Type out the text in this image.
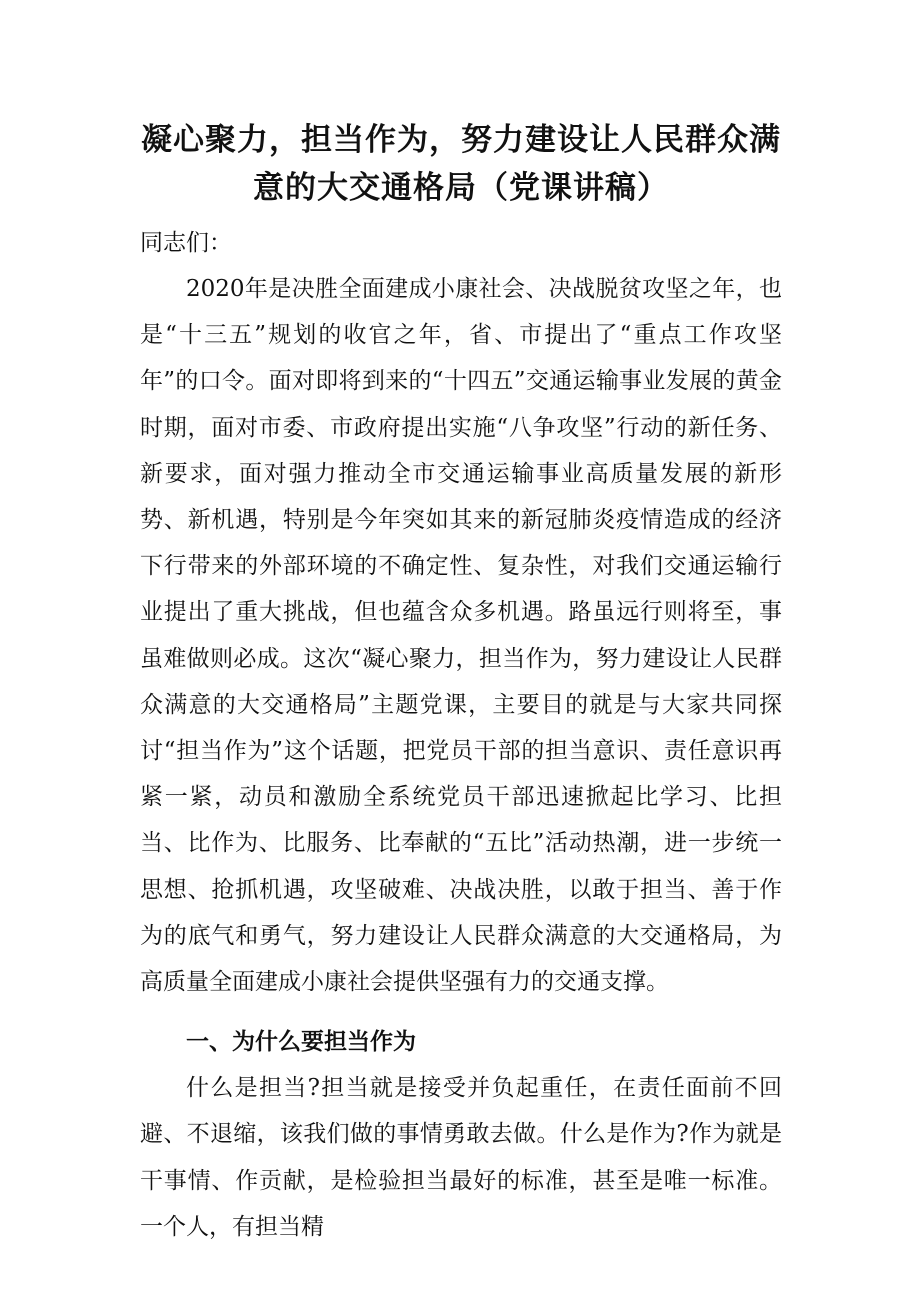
凝心聚力，担当作为，努力建设让人民群众满意的大交通格局（党课讲稿）

同志们：

2020年是决胜全面建成小康社会、决战脱贫攻坚之年，也是“十三五”规划的收官之年，省、市提出了“重点工作攻坚年”的口令。面对即将到来的“十四五”交通运输事业发展的黄金时期，面对市委、市政府提出实施“八争攻坚”行动的新任务、新要求，面对强力推动全市交通运输事业高质量发展的新形势、新机遇，特别是今年突如其来的新冠肺炎疫情造成的经济下行带来的外部环境的不确定性、复杂性，对我们交通运输行业提出了重大挑战，但也蕴含众多机遇。路虽远行则将至，事虽难做则必成。这次“凝心聚力，担当作为，努力建设让人民群众满意的大交通格局”主题党课，主要目的就是与大家共同探讨“担当作为”这个话题，把党员干部的担当意识、责任意识再紧一紧，动员和激励全系统党员干部迅速掀起比学习、比担当、比作为、比服务、比奉献的“五比”活动热潮，进一步统一思想、抢抓机遇，攻坚破难、决战决胜，以敢于担当、善于作为的底气和勇气，努力建设让人民群众满意的大交通格局，为高质量全面建成小康社会提供坚强有力的交通支撑。

一、为什么要担当作为

什么是担当?担当就是接受并负起重任，在责任面前不回避、不退缩，该我们做的事情勇敢去做。什么是作为?作为就是干事情、作贡献，是检验担当最好的标准，甚至是唯一标准。一个人，有担当精
